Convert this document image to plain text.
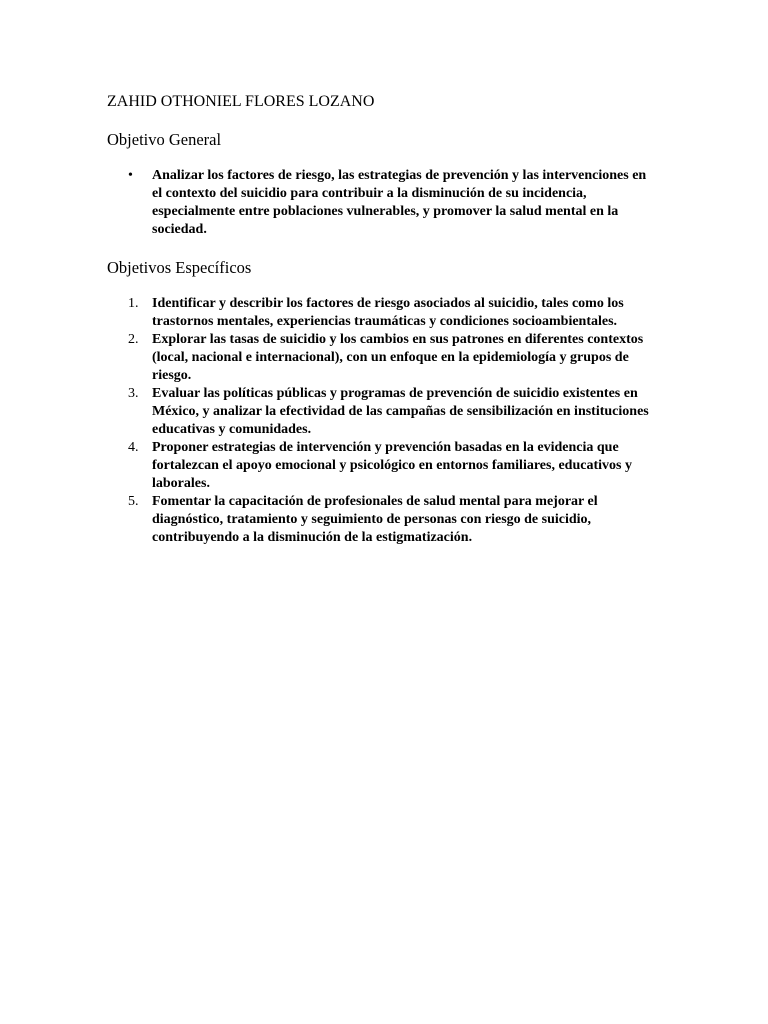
ZAHID OTHONIEL FLORES LOZANO
Objetivo General
•	Analizar los factores de riesgo, las estrategias de prevención y las intervenciones en el contexto del suicidio para contribuir a la disminución de su incidencia, especialmente entre poblaciones vulnerables, y promover la salud mental en la sociedad.
Objetivos Específicos
1. Identificar y describir los factores de riesgo asociados al suicidio, tales como los trastornos mentales, experiencias traumáticas y condiciones socioambientales.
2. Explorar las tasas de suicidio y los cambios en sus patrones en diferentes contextos (local, nacional e internacional), con un enfoque en la epidemiología y grupos de riesgo.
3. Evaluar las políticas públicas y programas de prevención de suicidio existentes en México, y analizar la efectividad de las campañas de sensibilización en instituciones educativas y comunidades.
4. Proponer estrategias de intervención y prevención basadas en la evidencia que fortalezcan el apoyo emocional y psicológico en entornos familiares, educativos y laborales.
5. Fomentar la capacitación de profesionales de salud mental para mejorar el diagnóstico, tratamiento y seguimiento de personas con riesgo de suicidio, contribuyendo a la disminución de la estigmatización.
